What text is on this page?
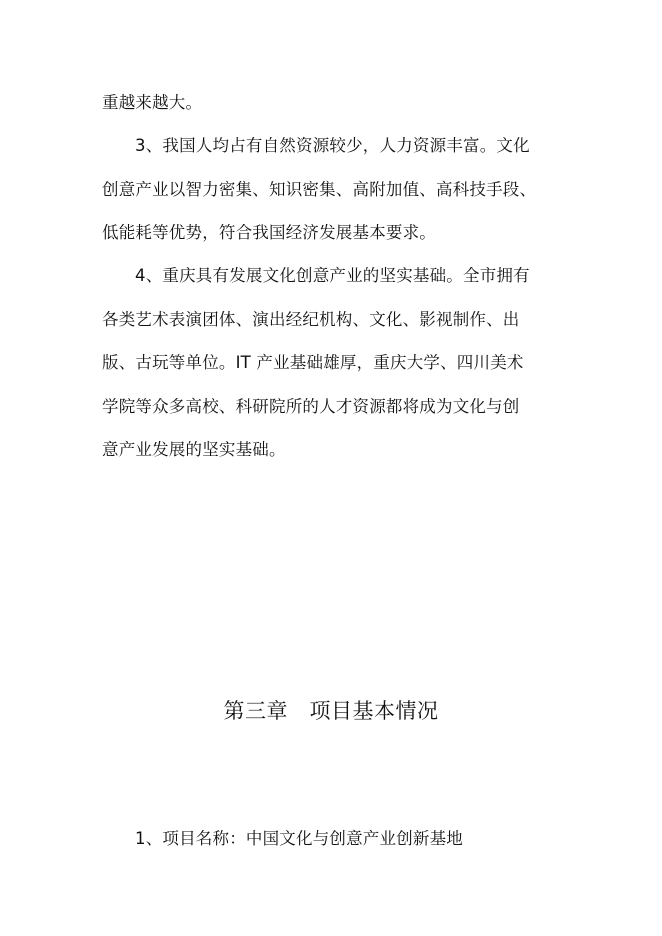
重越来越大。
3、我国人均占有自然资源较少，人力资源丰富。文化
创意产业以智力密集、知识密集、高附加值、高科技手段、
低能耗等优势，符合我国经济发展基本要求。
4、重庆具有发展文化创意产业的坚实基础。全市拥有
各类艺术表演团体、演出经纪机构、文化、影视制作、出
版、古玩等单位。IT 产业基础雄厚，重庆大学、四川美术
学院等众多高校、科研院所的人才资源都将成为文化与创
意产业发展的坚实基础。
第三章   项目基本情况
1、项目名称：中国文化与创意产业创新基地
